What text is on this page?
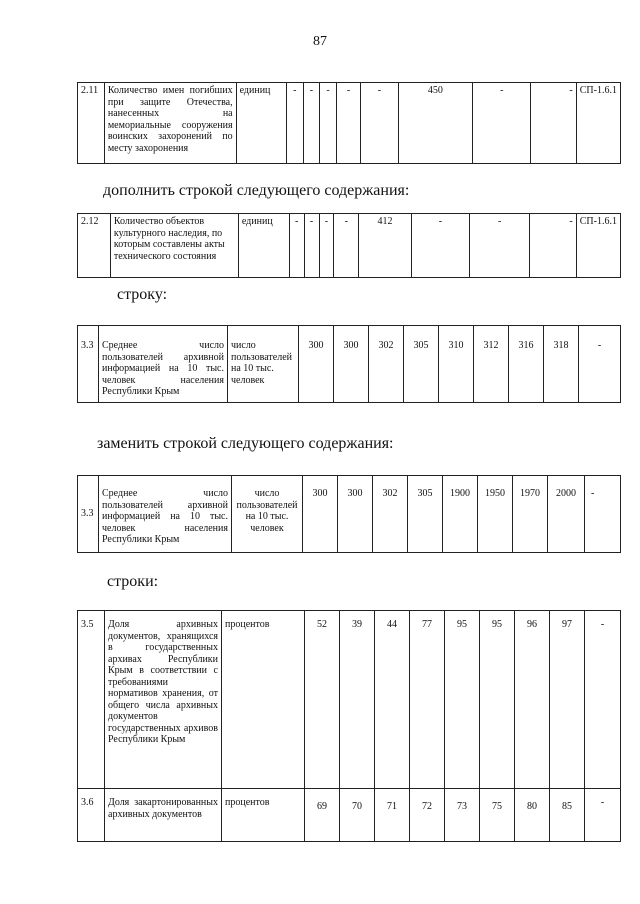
87
2.11	Количество имен погибших при защите Отечества, нанесенных на мемориальные сооружения воинских захоронений по месту захоронения	единиц	-	-	-	-	-	450	-	-	СП-1.6.1
дополнить строкой следующего содержания:
2.12	Количество объектов культурного наследия, по которым составлены акты технического состояния	единиц	-	-	-	-	412	-	-	-	СП-1.6.1
строку:
3.3	Среднее число пользователей архивной информацией на 10 тыс. человек населения Республики Крым	число пользователей на 10 тыс. человек	300	300	302	305	310	312	316	318	-
заменить строкой следующего содержания:
3.3	Среднее число пользователей архивной информацией на 10 тыс. человек населения Республики Крым	число пользователей на 10 тыс. человек	300	300	302	305	1900	1950	1970	2000	-
строки:
3.5	Доля архивных документов, хранящихся в государственных архивах Республики Крым в соответствии с требованиями нормативов хранения, от общего числа архивных документов государственных архивов Республики Крым	процентов	52	39	44	77	95	95	96	97	-
3.6	Доля закартонированных архивных документов	процентов	69	70	71	72	73	75	80	85	-
